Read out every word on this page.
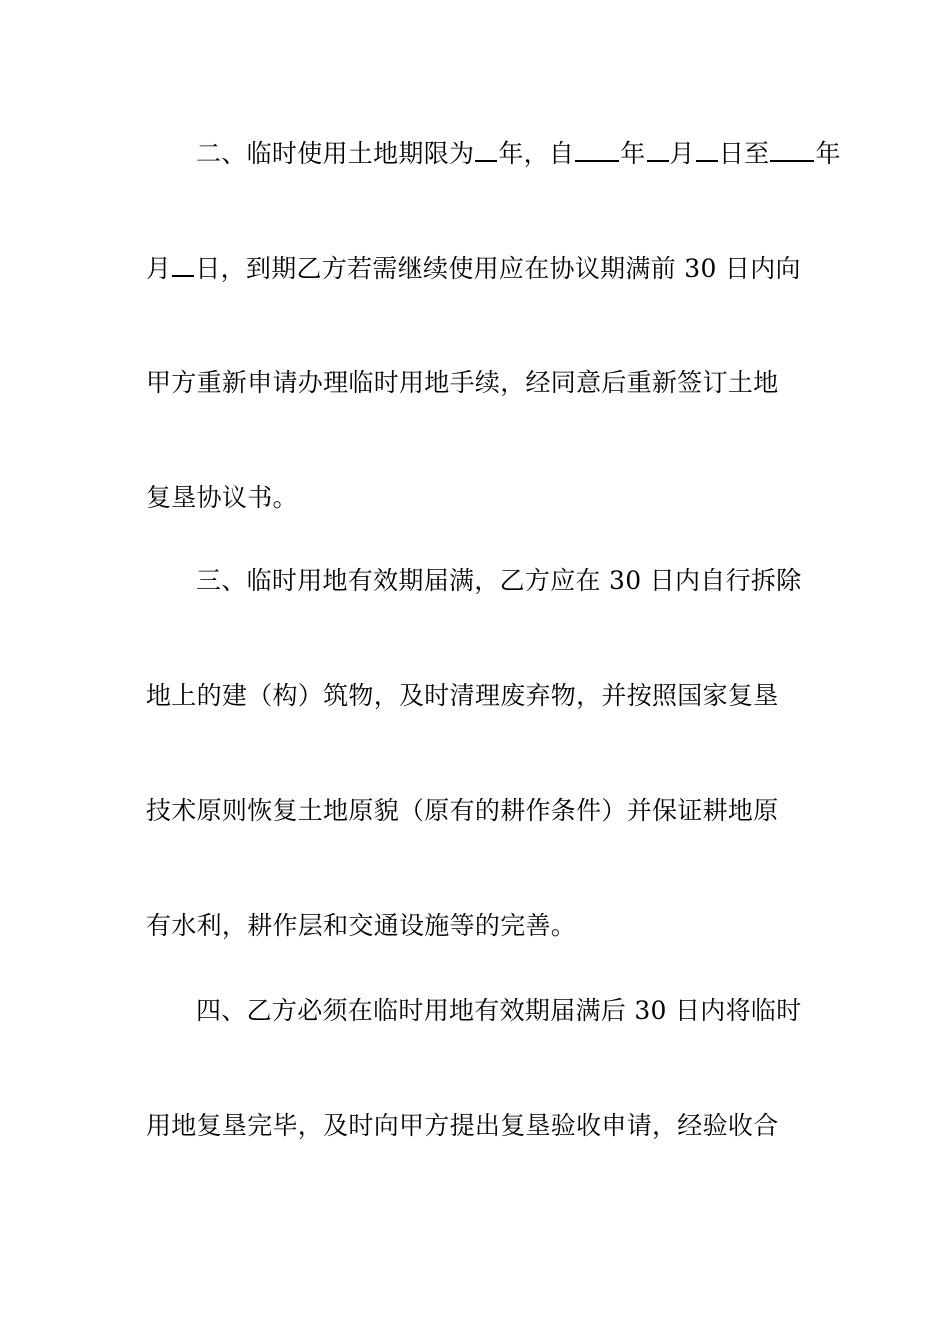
二、临时使用土地期限为 年，自 年 月 日至 年
月 日，到期乙方若需继续使用应在协议期满前 30 日内向
甲方重新申请办理临时用地手续，经同意后重新签订土地
复垦协议书。
三、临时用地有效期届满，乙方应在 30 日内自行拆除
地上的建（构）筑物，及时清理废弃物，并按照国家复垦
技术原则恢复土地原貌（原有的耕作条件）并保证耕地原
有水利，耕作层和交通设施等的完善。
四、乙方必须在临时用地有效期届满后 30 日内将临时
用地复垦完毕，及时向甲方提出复垦验收申请，经验收合
